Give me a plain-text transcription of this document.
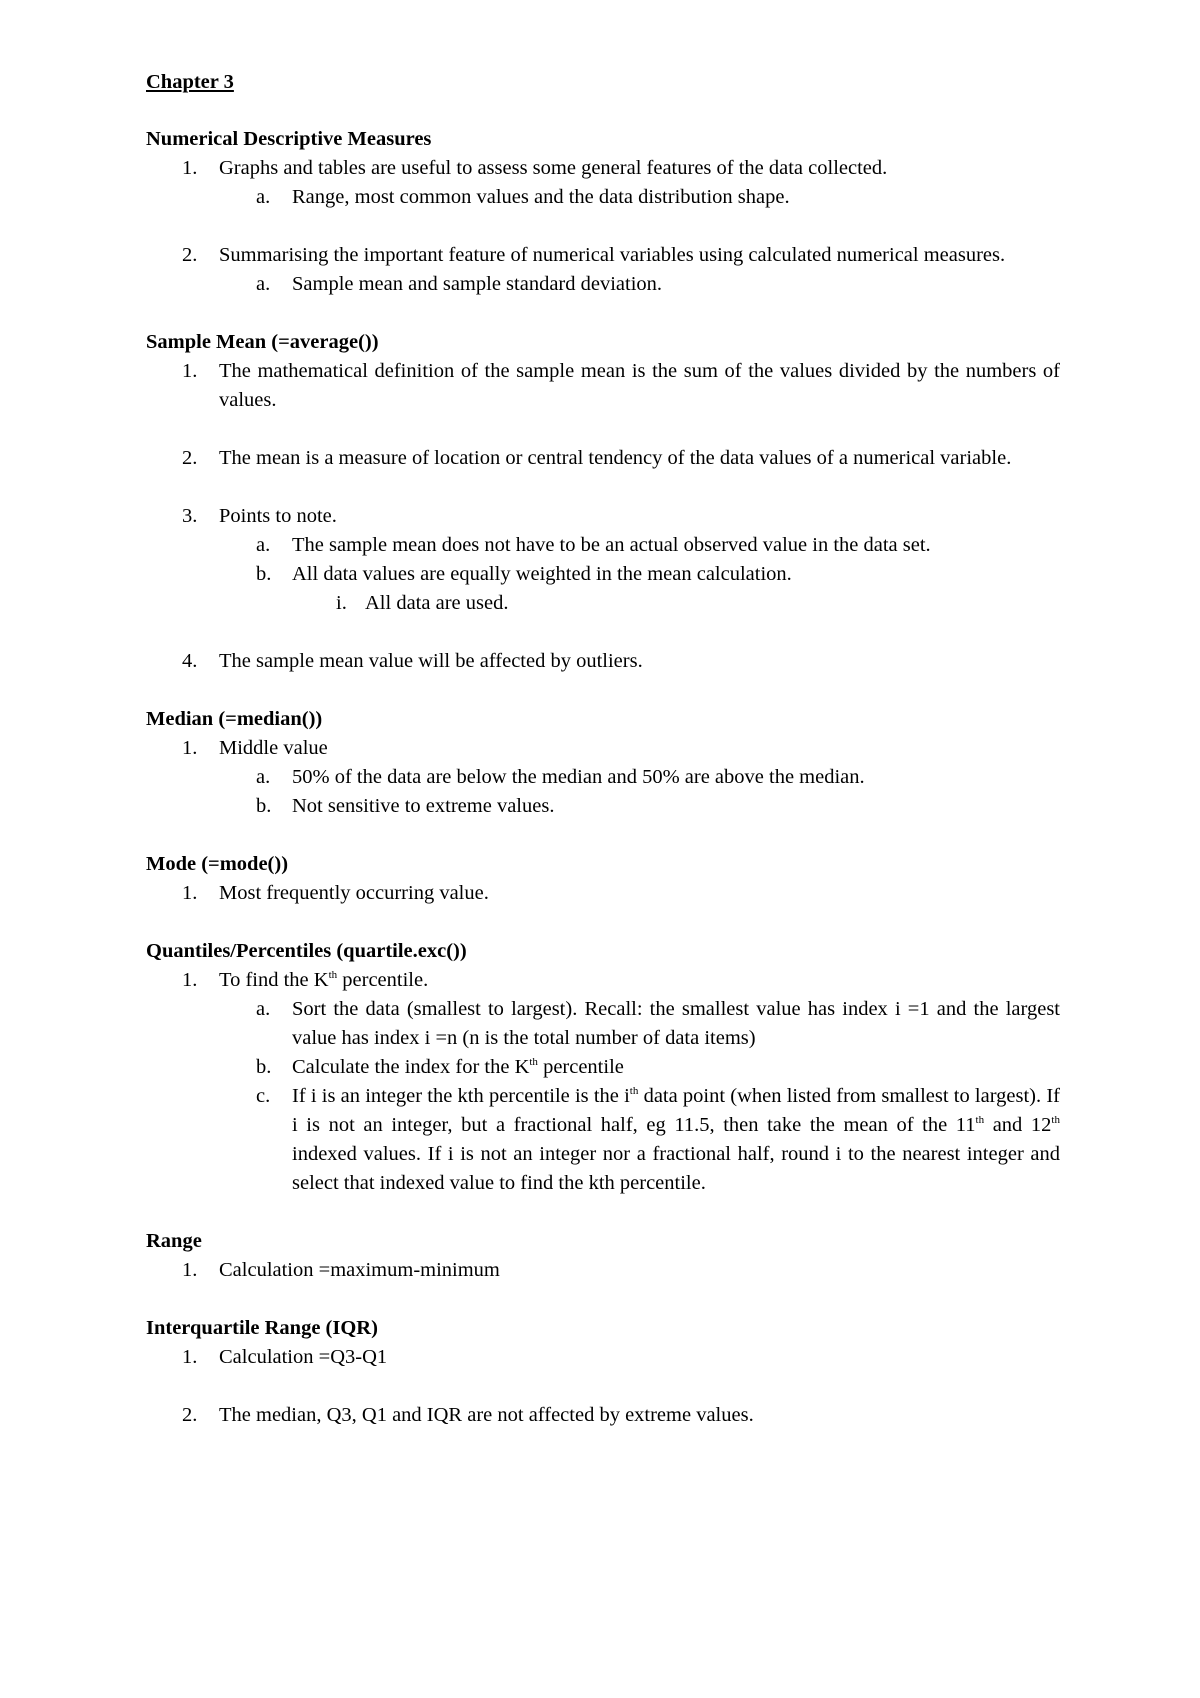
Chapter 3
Numerical Descriptive Measures
1. Graphs and tables are useful to assess some general features of the data collected.
a. Range, most common values and the data distribution shape.
2. Summarising the important feature of numerical variables using calculated numerical measures.
a. Sample mean and sample standard deviation.
Sample Mean (=average())
1. The mathematical definition of the sample mean is the sum of the values divided by the numbers of values.
2. The mean is a measure of location or central tendency of the data values of a numerical variable.
3. Points to note.
a. The sample mean does not have to be an actual observed value in the data set.
b. All data values are equally weighted in the mean calculation.
i. All data are used.
4. The sample mean value will be affected by outliers.
Median (=median())
1. Middle value
a. 50% of the data are below the median and 50% are above the median.
b. Not sensitive to extreme values.
Mode (=mode())
1. Most frequently occurring value.
Quantiles/Percentiles (quartile.exc())
1. To find the $K^{th}$ percentile.
a. Sort the data (smallest to largest). Recall: the smallest value has index i =1 and the largest value has index i =n (n is the total number of data items)
b. Calculate the index for the $K^{th}$ percentile
c. If i is an integer the kth percentile is the $i^{th}$ data point (when listed from smallest to largest). If i is not an integer, but a fractional half, eg 11.5, then take the mean of the 11th and 12th indexed values. If i is not an integer nor a fractional half, round i to the nearest integer and select that indexed value to find the kth percentile.
Range
1. Calculation =maximum-minimum
Interquartile Range (IQR)
1. Calculation =Q3-Q1
2. The median, Q3, Q1 and IQR are not affected by extreme values.
